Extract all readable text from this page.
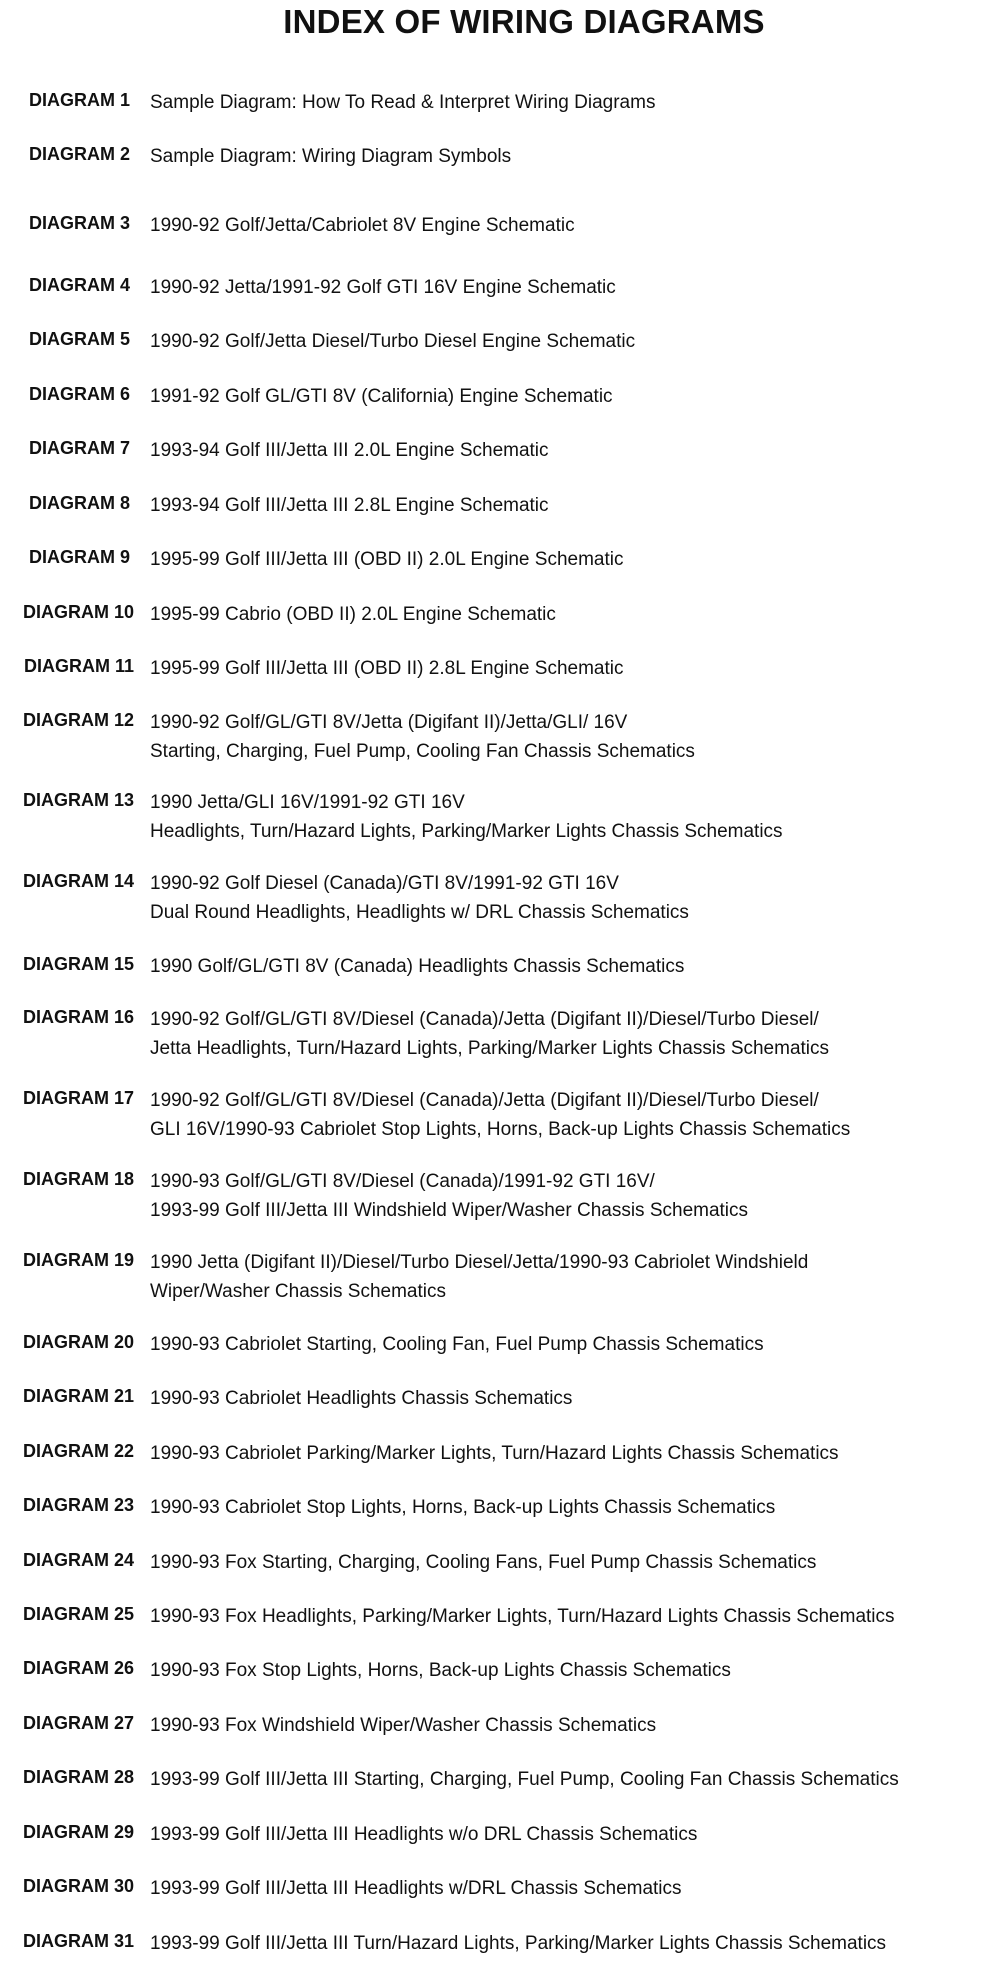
INDEX OF WIRING DIAGRAMS
DIAGRAM 1 Sample Diagram: How To Read & Interpret Wiring Diagrams
DIAGRAM 2 Sample Diagram: Wiring Diagram Symbols
DIAGRAM 3 1990-92 Golf/Jetta/Cabriolet 8V Engine Schematic
DIAGRAM 4 1990-92 Jetta/1991-92 Golf GTI 16V Engine Schematic
DIAGRAM 5 1990-92 Golf/Jetta Diesel/Turbo Diesel Engine Schematic
DIAGRAM 6 1991-92 Golf GL/GTI 8V (California) Engine Schematic
DIAGRAM 7 1993-94 Golf III/Jetta III 2.0L Engine Schematic
DIAGRAM 8 1993-94 Golf III/Jetta III 2.8L Engine Schematic
DIAGRAM 9 1995-99 Golf III/Jetta III (OBD II) 2.0L Engine Schematic
DIAGRAM 10 1995-99 Cabrio (OBD II) 2.0L Engine Schematic
DIAGRAM 11 1995-99 Golf III/Jetta III (OBD II) 2.8L Engine Schematic
DIAGRAM 12 1990-92 Golf/GL/GTI 8V/Jetta (Digifant II)/Jetta/GLI/ 16V
Starting, Charging, Fuel Pump, Cooling Fan Chassis Schematics
DIAGRAM 13 1990 Jetta/GLI 16V/1991-92 GTI 16V
Headlights, Turn/Hazard Lights, Parking/Marker Lights Chassis Schematics
DIAGRAM 14 1990-92 Golf Diesel (Canada)/GTI 8V/1991-92 GTI 16V
Dual Round Headlights, Headlights w/ DRL Chassis Schematics
DIAGRAM 15 1990 Golf/GL/GTI 8V (Canada) Headlights Chassis Schematics
DIAGRAM 16 1990-92 Golf/GL/GTI 8V/Diesel (Canada)/Jetta (Digifant II)/Diesel/Turbo Diesel/
Jetta Headlights, Turn/Hazard Lights, Parking/Marker Lights Chassis Schematics
DIAGRAM 17 1990-92 Golf/GL/GTI 8V/Diesel (Canada)/Jetta (Digifant II)/Diesel/Turbo Diesel/
GLI 16V/1990-93 Cabriolet Stop Lights, Horns, Back-up Lights Chassis Schematics
DIAGRAM 18 1990-93 Golf/GL/GTI 8V/Diesel (Canada)/1991-92 GTI 16V/
1993-99 Golf III/Jetta III Windshield Wiper/Washer Chassis Schematics
DIAGRAM 19 1990 Jetta (Digifant II)/Diesel/Turbo Diesel/Jetta/1990-93 Cabriolet Windshield
Wiper/Washer Chassis Schematics
DIAGRAM 20 1990-93 Cabriolet Starting, Cooling Fan, Fuel Pump Chassis Schematics
DIAGRAM 21 1990-93 Cabriolet Headlights Chassis Schematics
DIAGRAM 22 1990-93 Cabriolet Parking/Marker Lights, Turn/Hazard Lights Chassis Schematics
DIAGRAM 23 1990-93 Cabriolet Stop Lights, Horns, Back-up Lights Chassis Schematics
DIAGRAM 24 1990-93 Fox Starting, Charging, Cooling Fans, Fuel Pump Chassis Schematics
DIAGRAM 25 1990-93 Fox Headlights, Parking/Marker Lights, Turn/Hazard Lights Chassis Schematics
DIAGRAM 26 1990-93 Fox Stop Lights, Horns, Back-up Lights Chassis Schematics
DIAGRAM 27 1990-93 Fox Windshield Wiper/Washer Chassis Schematics
DIAGRAM 28 1993-99 Golf III/Jetta III Starting, Charging, Fuel Pump, Cooling Fan Chassis Schematics
DIAGRAM 29 1993-99 Golf III/Jetta III Headlights w/o DRL Chassis Schematics
DIAGRAM 30 1993-99 Golf III/Jetta III Headlights w/DRL Chassis Schematics
DIAGRAM 31 1993-99 Golf III/Jetta III Turn/Hazard Lights, Parking/Marker Lights Chassis Schematics
